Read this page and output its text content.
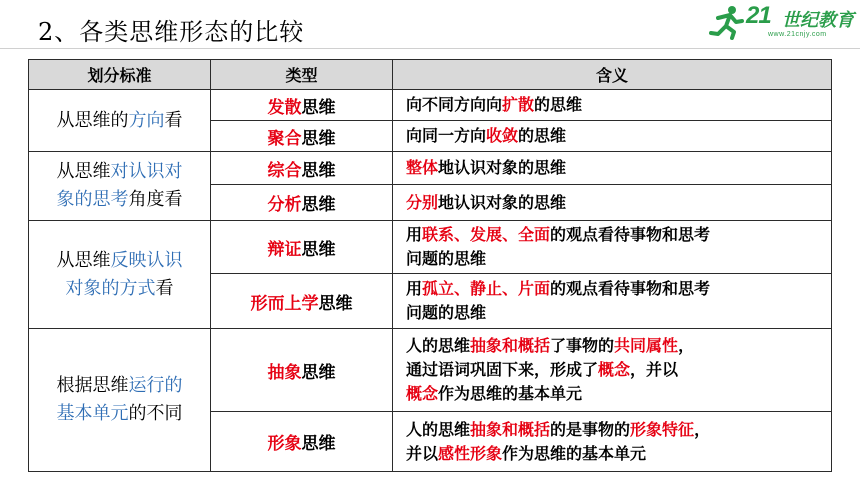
2、各类思维形态的比较
21 世纪教育
www.21cnjy.com
划分标准	类型	含义
从思维的方向看	发散思维	向不同方向向扩散的思维
	聚合思维	向同一方向收敛的思维
从思维对认识对
象的思考角度看	综合思维	整体地认识对象的思维
	分析思维	分别地认识对象的思维
从思维反映认识
对象的方式看	辩证思维	用联系、发展、全面的观点看待事物和思考
问题的思维
	形而上学思维	用孤立、静止、片面的观点看待事物和思考
问题的思维
根据思维运行的
基本单元的不同	抽象思维	人的思维抽象和概括了事物的共同属性，
通过语词巩固下来，形成了概念，并以
概念作为思维的基本单元
	形象思维	人的思维抽象和概括的是事物的形象特征，
并以感性形象作为思维的基本单元
